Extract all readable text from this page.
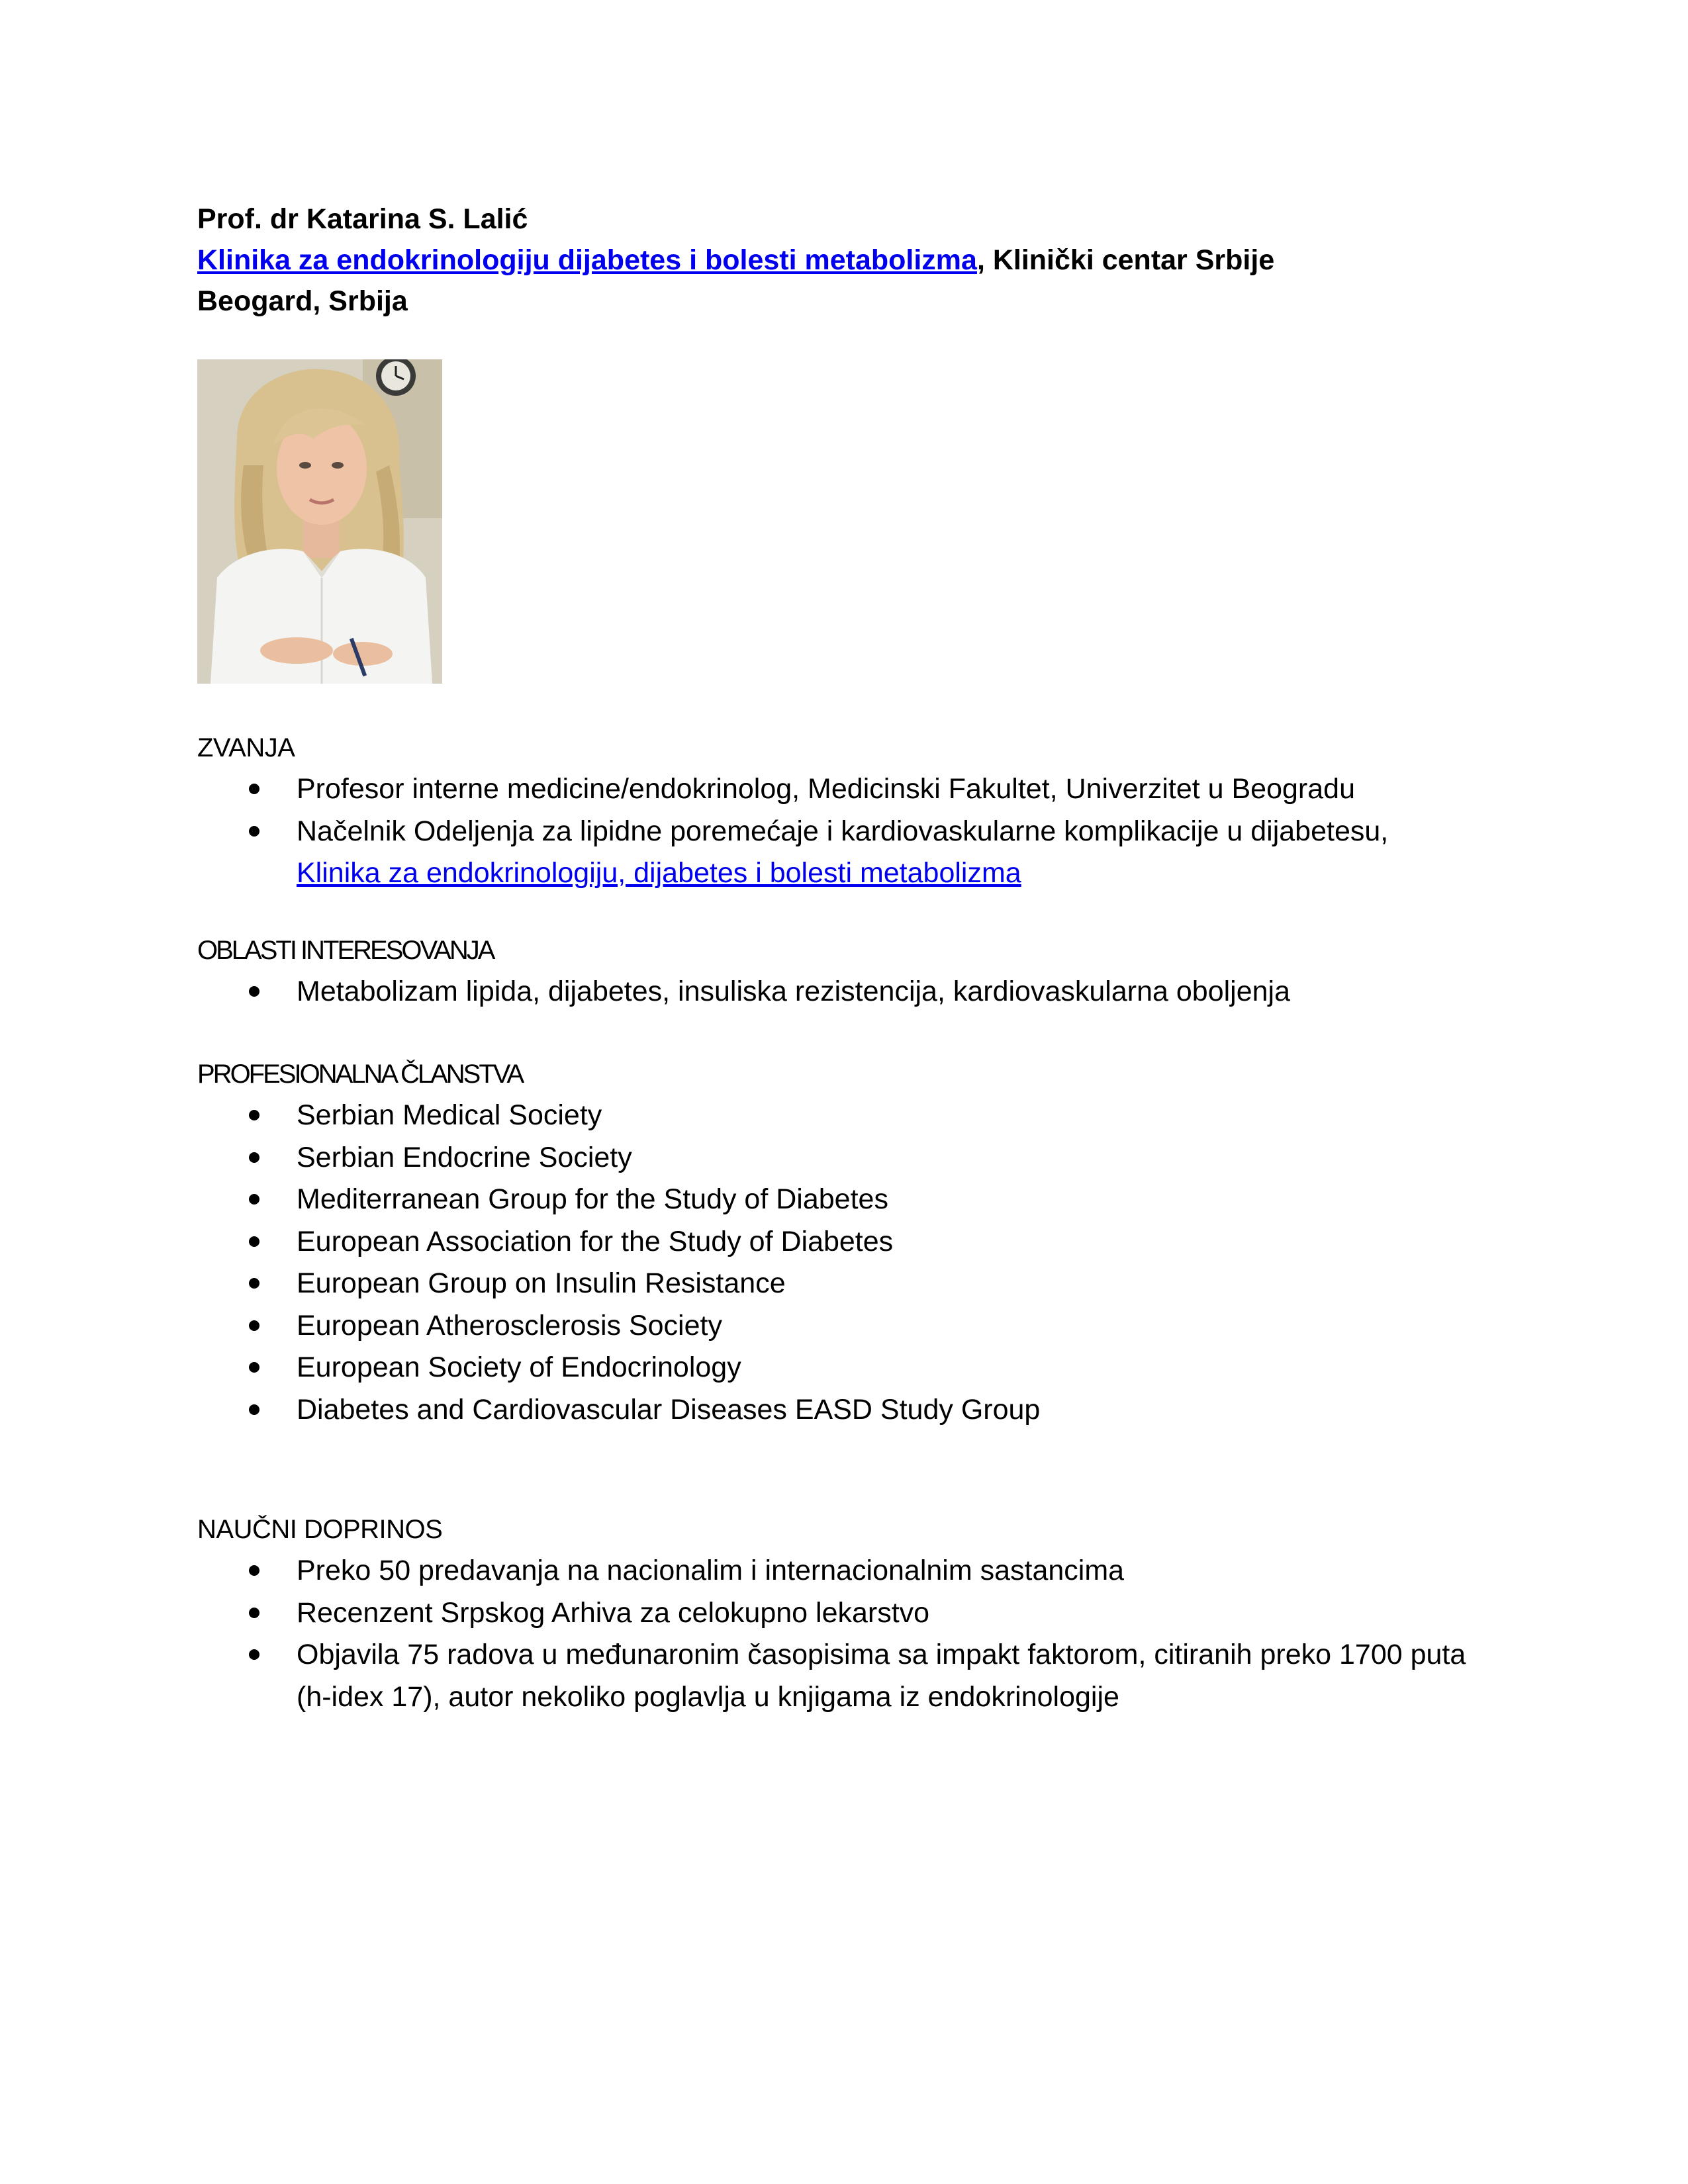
Prof. dr Katarina S. Lalić
Klinika za endokrinologiju dijabetes i bolesti metabolizma, Klinički centar Srbije
Beogard, Srbija
ZVANJA
Profesor interne medicine/endokrinolog, Medicinski Fakultet, Univerzitet u Beogradu
Načelnik Odeljenja za lipidne poremećaje i kardiovaskularne komplikacije u dijabetesu,
Klinika za endokrinologiju, dijabetes i bolesti metabolizma
OBLASTI INTERESOVANJA
Metabolizam lipida, dijabetes, insuliska rezistencija, kardiovaskularna oboljenja
PROFESIONALNA ČLANSTVA
Serbian Medical Society
Serbian Endocrine Society
Mediterranean Group for the Study of Diabetes
European Association for the Study of Diabetes
European Group on Insulin Resistance
European Atherosclerosis Society
European Society of Endocrinology
Diabetes and Cardiovascular Diseases EASD Study Group
NAUČNI DOPRINOS
Preko 50 predavanja na nacionalim i internacionalnim sastancima
Recenzent Srpskog Arhiva za celokupno lekarstvo
Objavila 75 radova u međunaronim časopisima sa impakt faktorom, citiranih preko 1700 puta (h-idex 17), autor nekoliko poglavlja u knjigama iz endokrinologije
